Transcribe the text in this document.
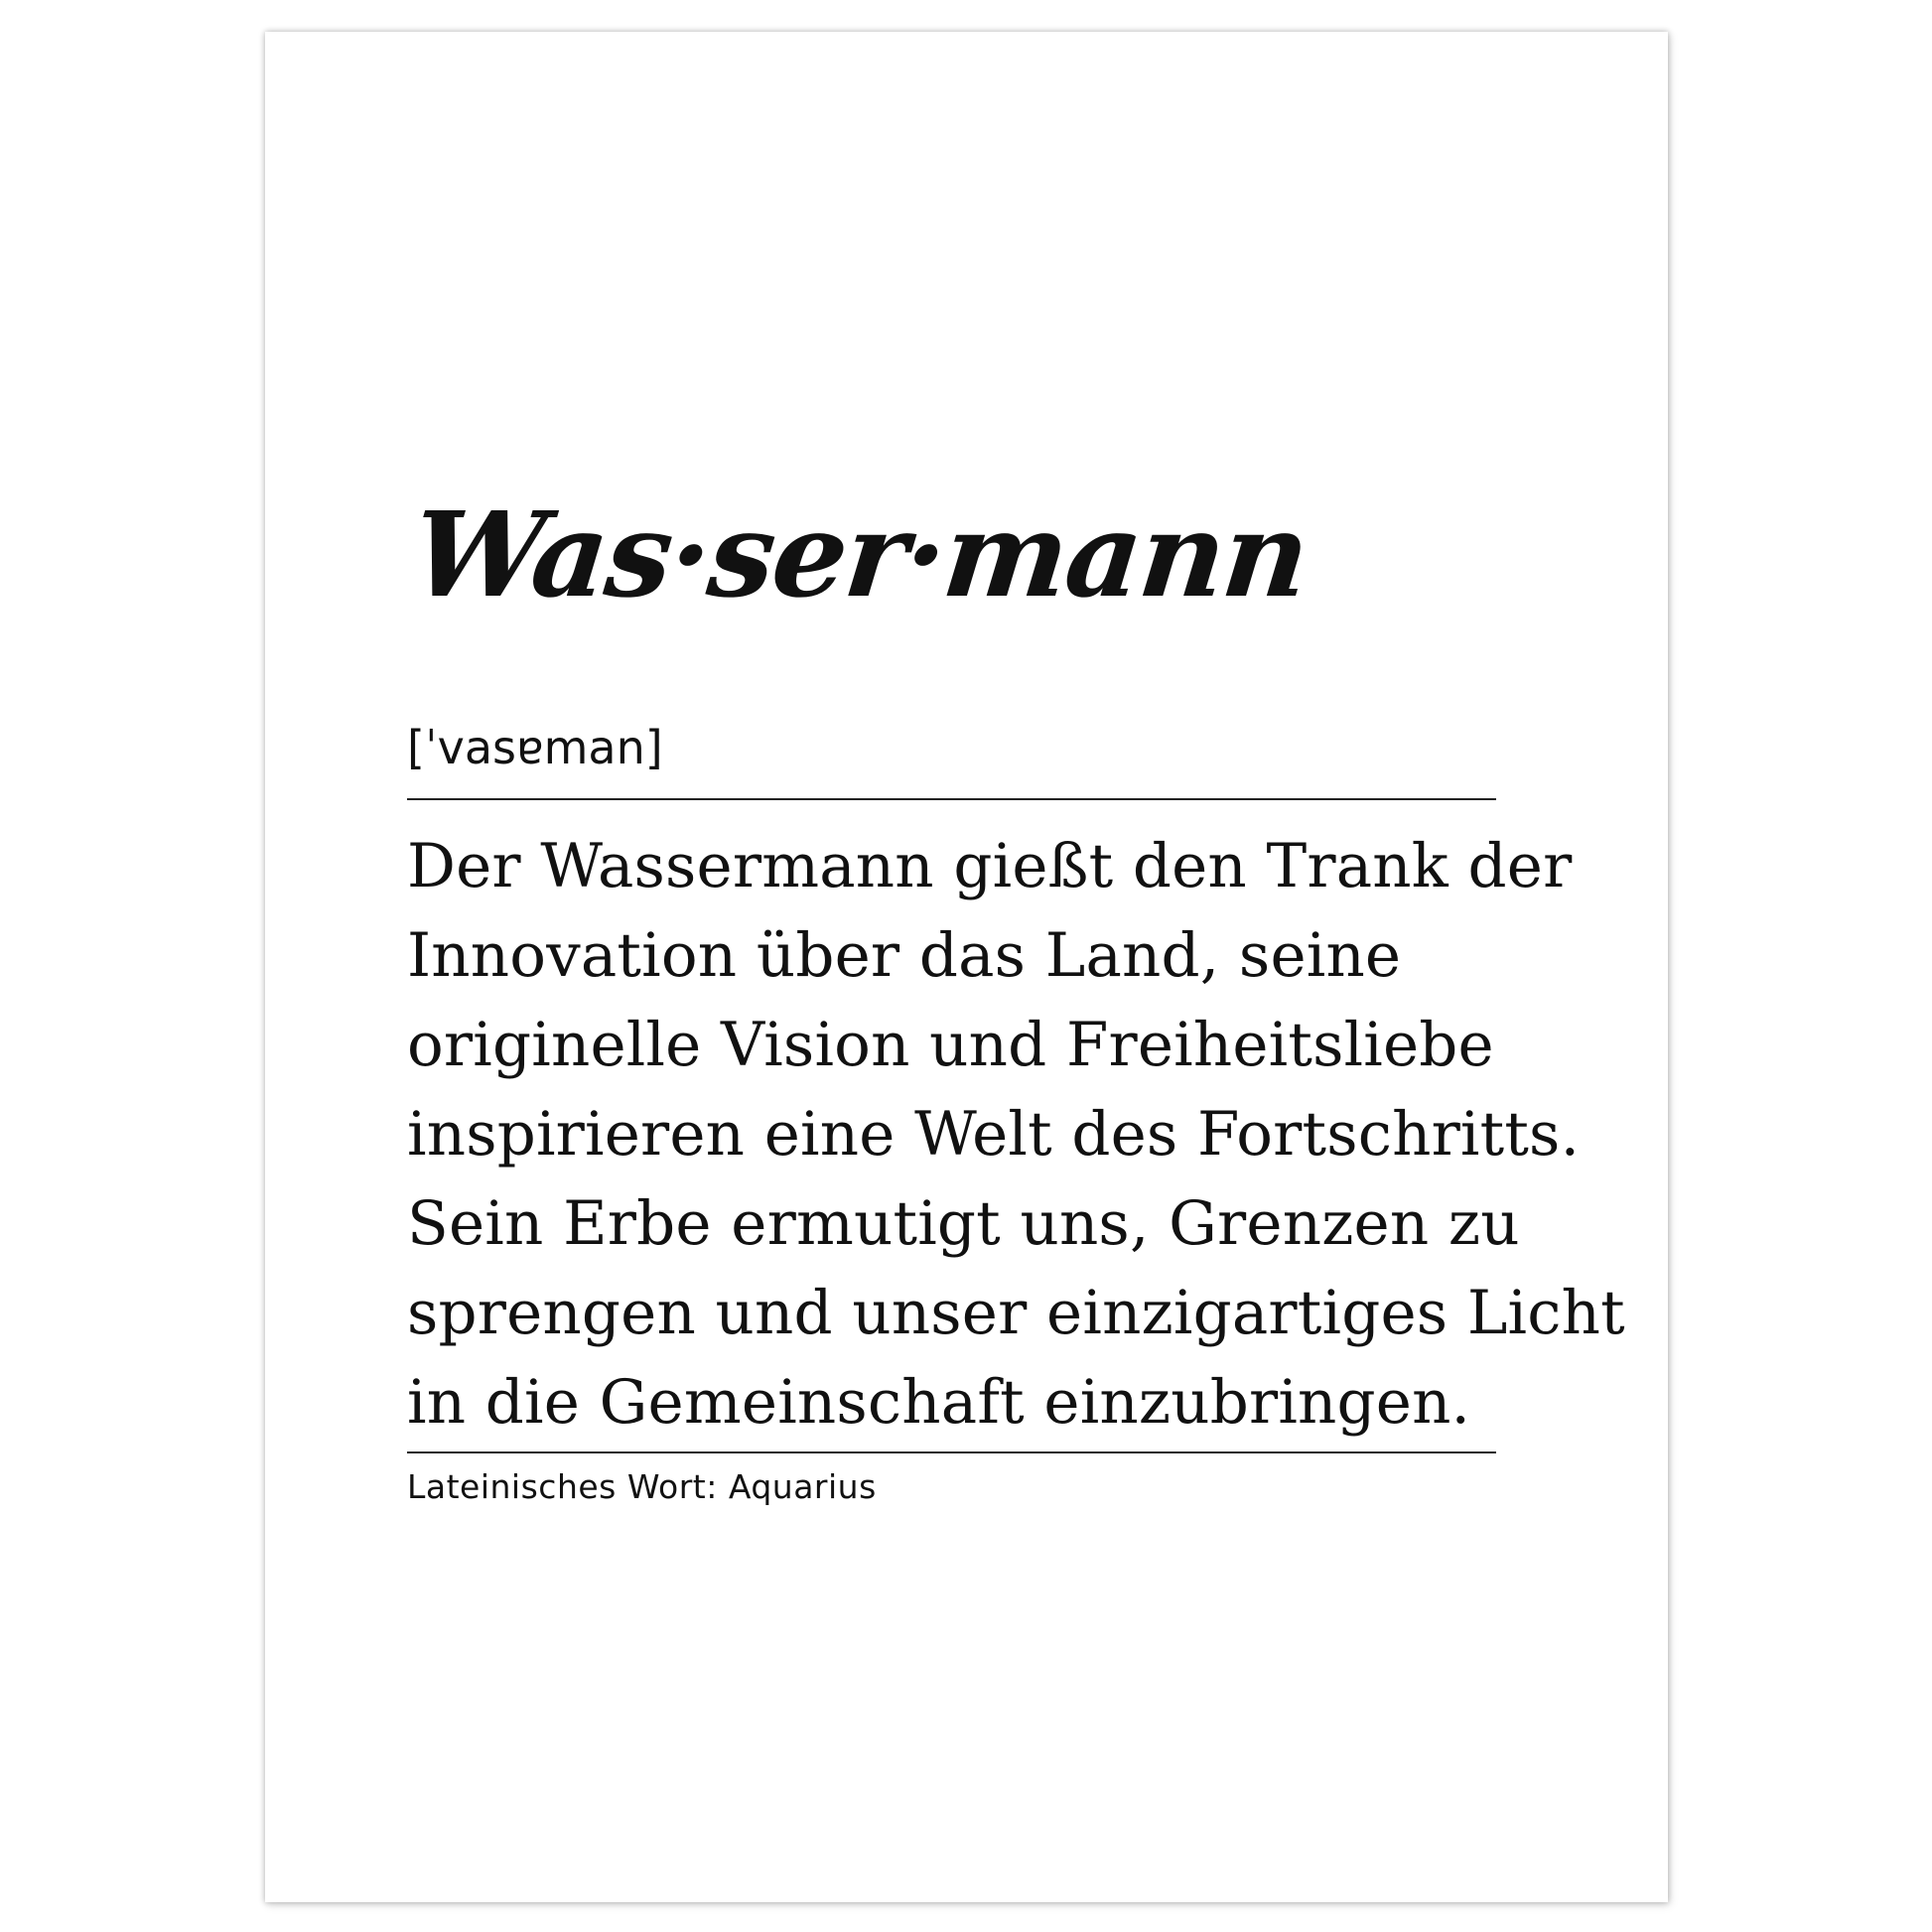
Was·ser·mann

[ˈvasɐman]

Der Wassermann gießt den Trank der
Innovation über das Land, seine
originelle Vision und Freiheitsliebe
inspirieren eine Welt des Fortschritts.
Sein Erbe ermutigt uns, Grenzen zu
sprengen und unser einzigartiges Licht
in die Gemeinschaft einzubringen.

Lateinisches Wort: Aquarius
